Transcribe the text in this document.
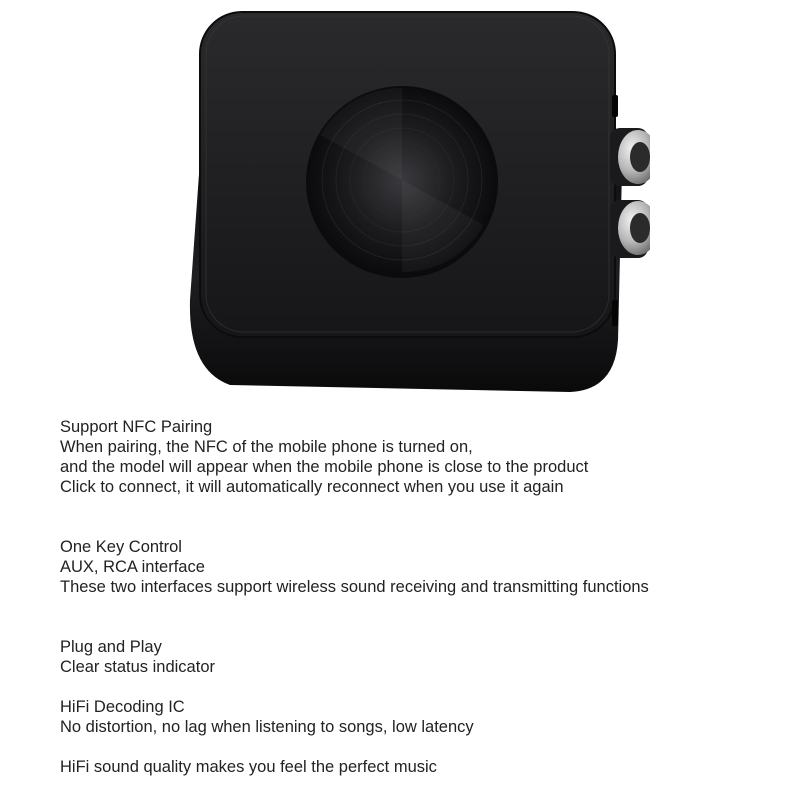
Support NFC Pairing
When pairing, the NFC of the mobile phone is turned on,
and the model will appear when the mobile phone is close to the product
Click to connect, it will automatically reconnect when you use it again
One Key Control
AUX, RCA interface
These two interfaces support wireless sound receiving and transmitting functions
Plug and Play
Clear status indicator
HiFi Decoding IC
No distortion, no lag when listening to songs, low latency
HiFi sound quality makes you feel the perfect music
